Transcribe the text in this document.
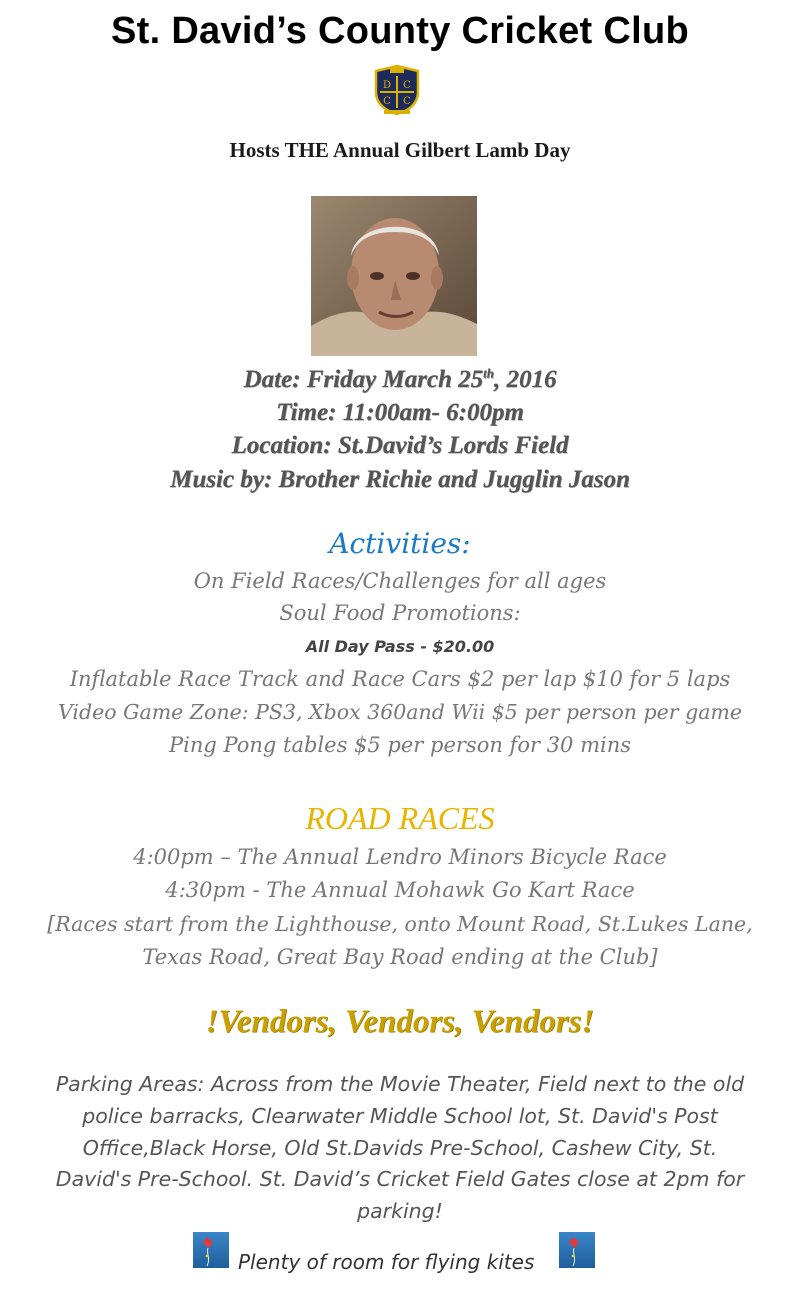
St. David’s County Cricket Club
D C
C C
Hosts THE Annual Gilbert Lamb Day
Date: Friday March 25th, 2016
Time: 11:00am- 6:00pm
Location: St.David’s Lords Field
Music by: Brother Richie and Jugglin Jason
Activities:
On Field Races/Challenges for all ages
Soul Food Promotions:
All Day Pass - $20.00
Inflatable Race Track and Race Cars $2 per lap $10 for 5 laps
Video Game Zone: PS3, Xbox 360and Wii $5 per person per game
Ping Pong tables $5 per person for 30 mins
ROAD RACES
4:00pm – The Annual Lendro Minors Bicycle Race
4:30pm - The Annual Mohawk Go Kart Race
[Races start from the Lighthouse, onto Mount Road, St.Lukes Lane,
Texas Road, Great Bay Road ending at the Club]
!Vendors, Vendors, Vendors!
Parking Areas: Across from the Movie Theater, Field next to the old
police barracks, Clearwater Middle School lot, St. David's Post
Office,Black Horse, Old St.Davids Pre-School, Cashew City, St.
David's Pre-School. St. David’s Cricket Field Gates close at 2pm for
parking!
Plenty of room for flying kites
